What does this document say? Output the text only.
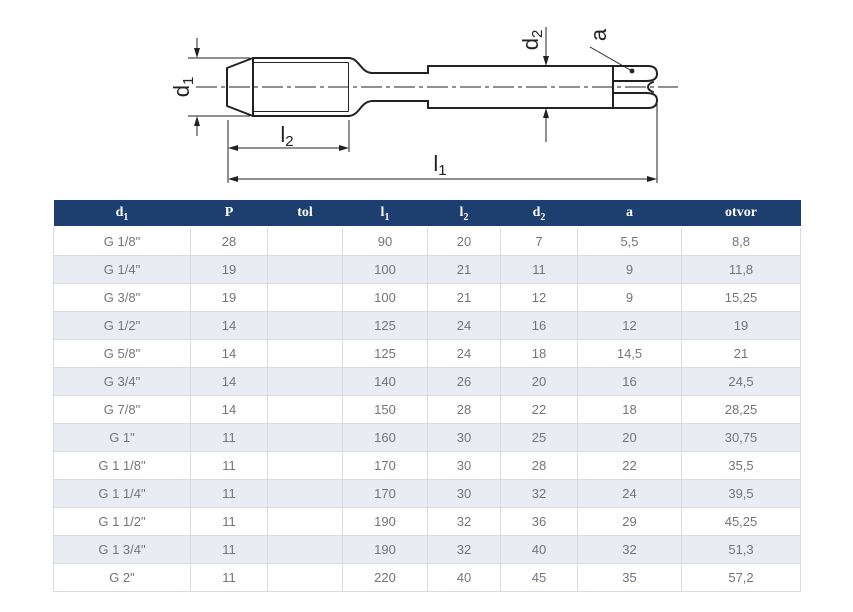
d1
l2
l1
d2 a
$d_1$	P	tol	$l_1$	$l_2$	$d_2$	a	otvor
G 1/8"	28		90	20	7	5,5	8,8
G 1/4"	19		100	21	11	9	11,8
G 3/8"	19		100	21	12	9	15,25
G 1/2"	14		125	24	16	12	19
G 5/8"	14		125	24	18	14,5	21
G 3/4"	14		140	26	20	16	24,5
G 7/8"	14		150	28	22	18	28,25
G 1"	11		160	30	25	20	30,75
G 1 1/8"	11		170	30	28	22	35,5
G 1 1/4"	11		170	30	32	24	39,5
G 1 1/2"	11		190	32	36	29	45,25
G 1 3/4"	11		190	32	40	32	51,3
G 2"	11		220	40	45	35	57,2
